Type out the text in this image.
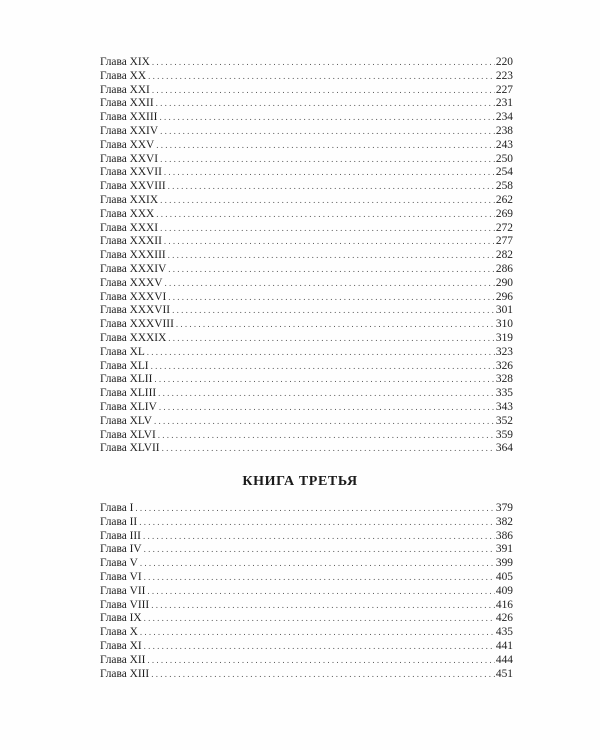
Глава XIX . . .	220
Глава XX . . .	223
Глава XXI . . .	227
Глава XXII . . .	231
Глава XXIII . . .	234
Глава XXIV . . .	238
Глава XXV . . .	243
Глава XXVI . . .	250
Глава XXVII . . .	254
Глава XXVIII . . .	258
Глава XXIX . . .	262
Глава XXX . . .	269
Глава XXXI . . .	272
Глава XXXII . . .	277
Глава XXXIII . . .	282
Глава XXXIV . . .	286
Глава XXXV . . .	290
Глава XXXVI . . .	296
Глава XXXVII . . .	301
Глава XXXVIII . . .	310
Глава XXXIX . . .	319
Глава XL . . .	323
Глава XLI . . .	326
Глава XLII . . .	328
Глава XLIII . . .	335
Глава XLIV . . .	343
Глава XLV . . .	352
Глава XLVI . . .	359
Глава XLVII . . .	364
КНИГА ТРЕТЬЯ
Глава I . . .	379
Глава II . . .	382
Глава III . . .	386
Глава IV . . .	391
Глава V . . .	399
Глава VI . . .	405
Глава VII . . .	409
Глава VIII . . .	416
Глава IX . . .	426
Глава X . . .	435
Глава XI . . .	441
Глава XII . . .	444
Глава XIII . . .	451
